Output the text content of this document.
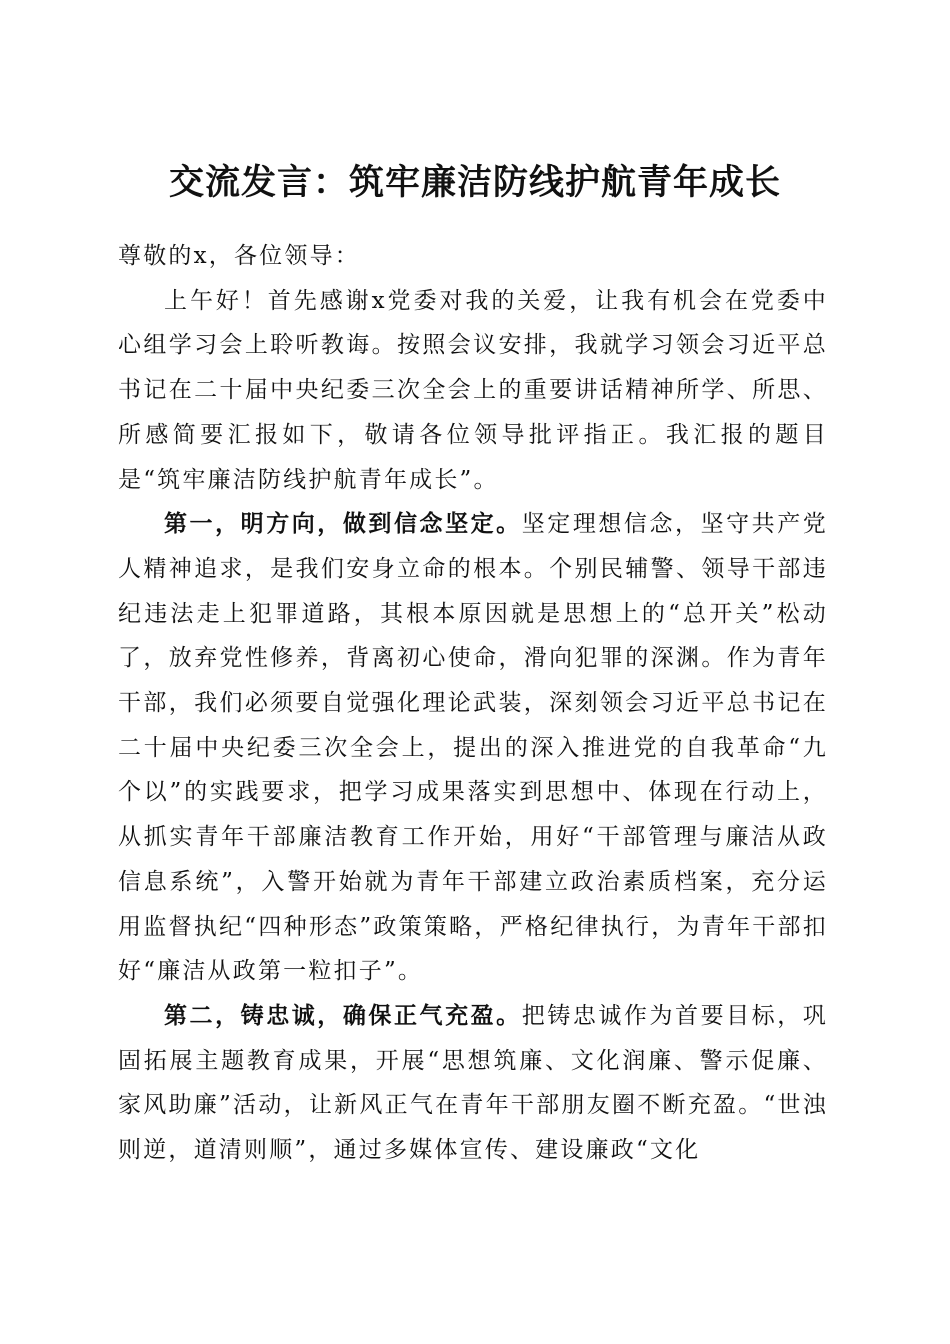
交流发言：筑牢廉洁防线护航青年成长

尊敬的x，各位领导：

上午好！首先感谢x党委对我的关爱，让我有机会在党委中心组学习会上聆听教诲。按照会议安排，我就学习领会习近平总书记在二十届中央纪委三次全会上的重要讲话精神所学、所思、所感简要汇报如下，敬请各位领导批评指正。我汇报的题目是“筑牢廉洁防线护航青年成长”。

第一，明方向，做到信念坚定。坚定理想信念，坚守共产党人精神追求，是我们安身立命的根本。个别民辅警、领导干部违纪违法走上犯罪道路，其根本原因就是思想上的“总开关”松动了，放弃党性修养，背离初心使命，滑向犯罪的深渊。作为青年干部，我们必须要自觉强化理论武装，深刻领会习近平总书记在二十届中央纪委三次全会上，提出的深入推进党的自我革命“九个以”的实践要求，把学习成果落实到思想中、体现在行动上，从抓实青年干部廉洁教育工作开始，用好“干部管理与廉洁从政信息系统”，入警开始就为青年干部建立政治素质档案，充分运用监督执纪“四种形态”政策策略，严格纪律执行，为青年干部扣好“廉洁从政第一粒扣子”。

第二，铸忠诚，确保正气充盈。把铸忠诚作为首要目标，巩固拓展主题教育成果，开展“思想筑廉、文化润廉、警示促廉、家风助廉”活动，让新风正气在青年干部朋友圈不断充盈。“世浊则逆，道清则顺”，通过多媒体宣传、建设廉政“文化
